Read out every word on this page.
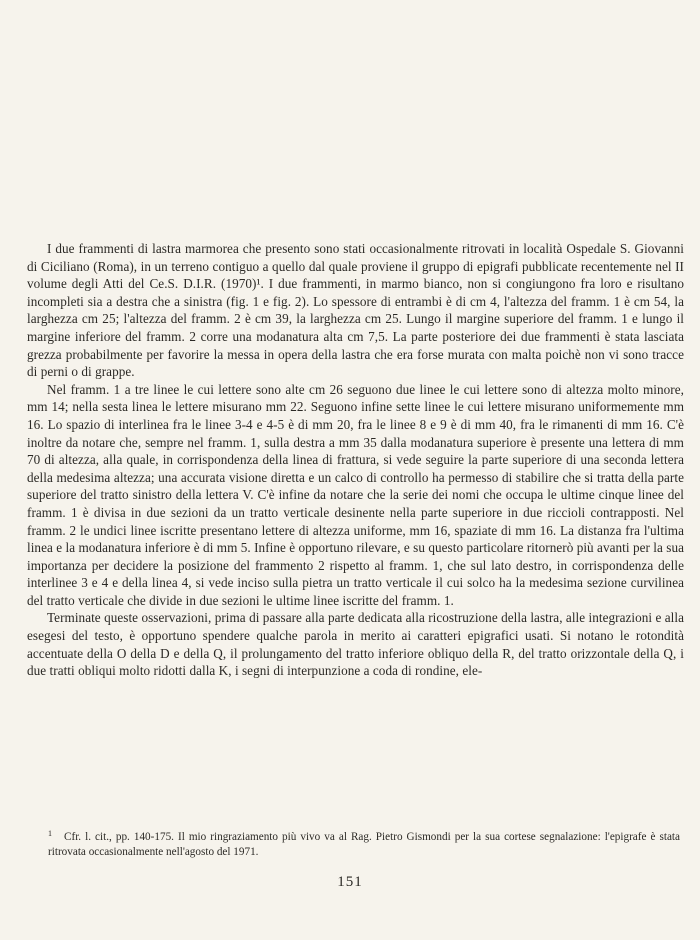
I due frammenti di lastra marmorea che presento sono stati occasionalmente ritrovati in località Ospedale S. Giovanni di Ciciliano (Roma), in un terreno contiguo a quello dal quale proviene il gruppo di epigrafi pubblicate recentemente nel II volume degli Atti del Ce.S. D.I.R. (1970)¹. I due frammenti, in marmo bianco, non si congiungono fra loro e risultano incompleti sia a destra che a sinistra (fig. 1 e fig. 2). Lo spessore di entrambi è di cm 4, l'altezza del framm. 1 è cm 54, la larghezza cm 25; l'altezza del framm. 2 è cm 39, la larghezza cm 25. Lungo il margine superiore del framm. 1 e lungo il margine inferiore del framm. 2 corre una modanatura alta cm 7,5. La parte posteriore dei due frammenti è stata lasciata grezza probabilmente per favorire la messa in opera della lastra che era forse murata con malta poichè non vi sono tracce di perni o di grappe.

Nel framm. 1 a tre linee le cui lettere sono alte cm 26 seguono due linee le cui lettere sono di altezza molto minore, mm 14; nella sesta linea le lettere misurano mm 22. Seguono infine sette linee le cui lettere misurano uniformemente mm 16. Lo spazio di interlinea fra le linee 3-4 e 4-5 è di mm 20, fra le linee 8 e 9 è di mm 40, fra le rimanenti di mm 16. C'è inoltre da notare che, sempre nel framm. 1, sulla destra a mm 35 dalla modanatura superiore è presente una lettera di mm 70 di altezza, alla quale, in corrispondenza della linea di frattura, si vede seguire la parte superiore di una seconda lettera della medesima altezza; una accurata visione diretta e un calco di controllo ha permesso di stabilire che si tratta della parte superiore del tratto sinistro della lettera V. C'è infine da notare che la serie dei nomi che occupa le ultime cinque linee del framm. 1 è divisa in due sezioni da un tratto verticale desinente nella parte superiore in due riccioli contrapposti. Nel framm. 2 le undici linee iscritte presentano lettere di altezza uniforme, mm 16, spaziate di mm 16. La distanza fra l'ultima linea e la modanatura inferiore è di mm 5. Infine è opportuno rilevare, e su questo particolare ritornerò più avanti per la sua importanza per decidere la posizione del frammento 2 rispetto al framm. 1, che sul lato destro, in corrispondenza delle interlinee 3 e 4 e della linea 4, si vede inciso sulla pietra un tratto verticale il cui solco ha la medesima sezione curvilinea del tratto verticale che divide in due sezioni le ultime linee iscritte del framm. 1.

Terminate queste osservazioni, prima di passare alla parte dedicata alla ricostruzione della lastra, alle integrazioni e alla esegesi del testo, è opportuno spendere qualche parola in merito ai caratteri epigrafici usati. Si notano le rotondità accentuate della O della D e della Q, il prolungamento del tratto inferiore obliquo della R, del tratto orizzontale della Q, i due tratti obliqui molto ridotti dalla K, i segni di interpunzione a coda di rondine, ele-

$^1$ Cfr. l. cit., pp. 140-175. Il mio ringraziamento più vivo va al Rag. Pietro Gismondi per la sua cortese segnalazione: l'epigrafe è stata ritrovata occasionalmente nell'agosto del 1971.

151
